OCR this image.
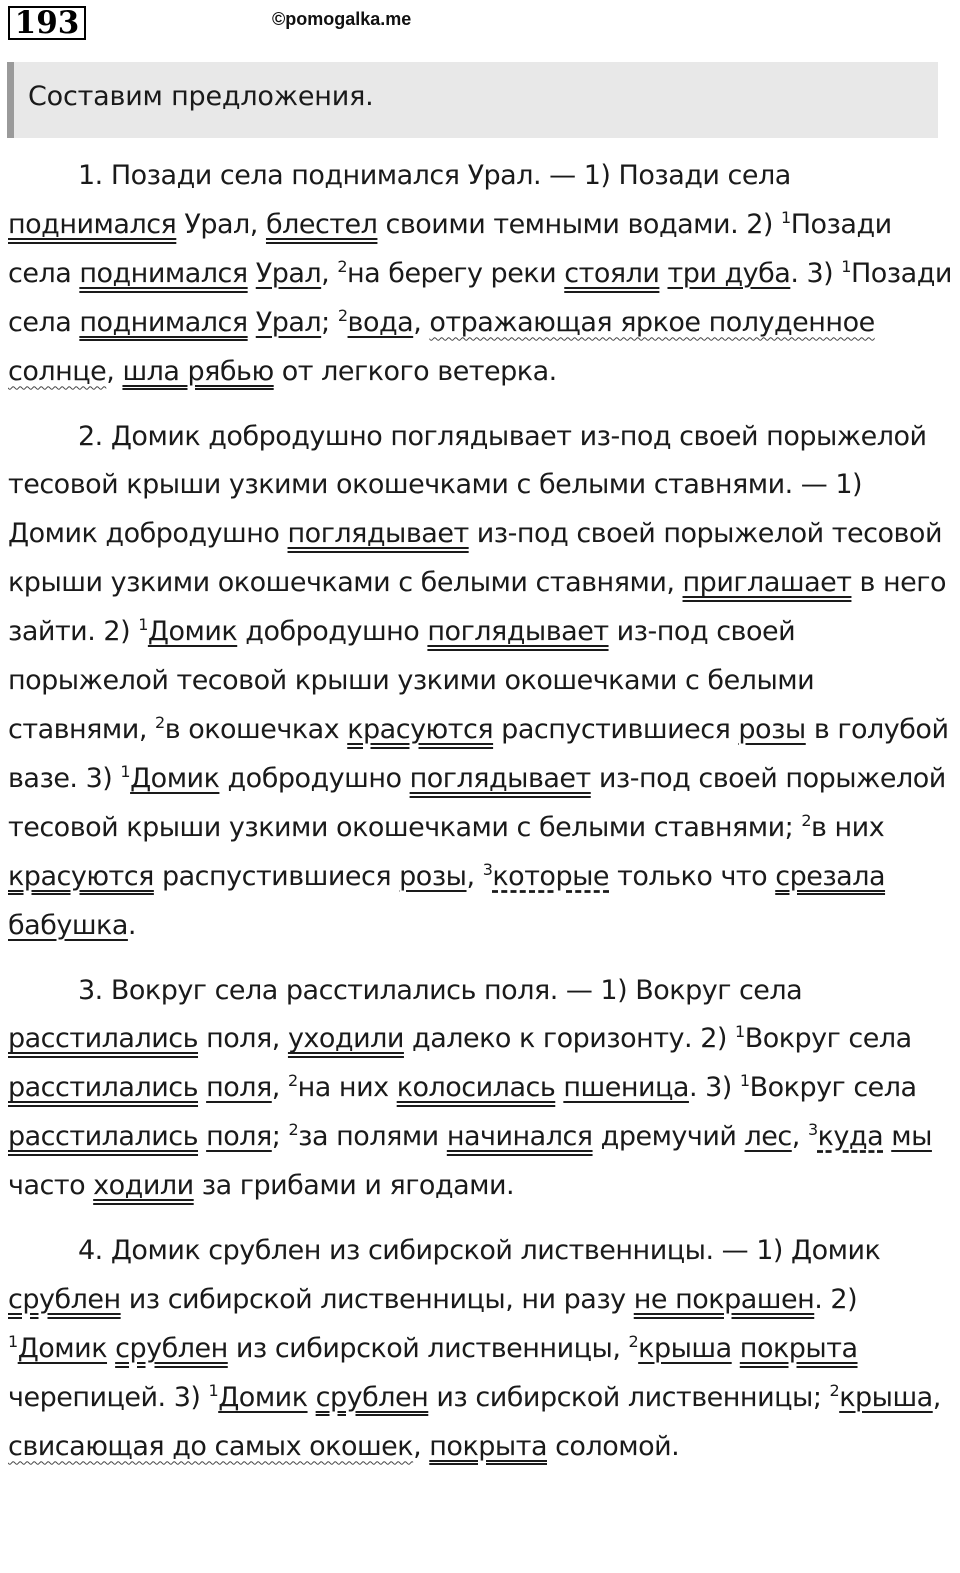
193	©pomogalka.me
Составим предложения.

1. Позади села поднимался Урал. — 1) Позади села поднимался Урал, блестел своими темными водами. 2) $^1$Позади села поднимался Урал, $^2$на берегу реки стояли три дуба. 3) $^1$Позади села поднимался Урал; $^2$вода, отражающая яркое полуденное солнце, шла рябью от легкого ветерка.

2. Домик добродушно поглядывает из-под своей порыжелой тесовой крыши узкими окошечками с белыми ставнями. — 1) Домик добродушно поглядывает из-под своей порыжелой тесовой крыши узкими окошечками с белыми ставнями, приглашает в него зайти. 2) $^1$Домик добродушно поглядывает из-под своей порыжелой тесовой крыши узкими окошечками с белыми ставнями, $^2$в окошечках красуются распустившиеся розы в голубой вазе. 3) $^1$Домик добродушно поглядывает из-под своей порыжелой тесовой крыши узкими окошечками с белыми ставнями; $^2$в них красуются распустившиеся розы, $^3$которые только что срезала бабушка.

3. Вокруг села расстилались поля. — 1) Вокруг села расстилались поля, уходили далеко к горизонту. 2) $^1$Вокруг села расстилались поля, $^2$на них колосилась пшеница. 3) $^1$Вокруг села расстилались поля; $^2$за полями начинался дремучий лес, $^3$куда мы часто ходили за грибами и ягодами.

4. Домик срублен из сибирской лиственницы. — 1) Домик срублен из сибирской лиственницы, ни разу не покрашен. 2) $^1$Домик срублен из сибирской лиственницы, $^2$крыша покрыта черепицей. 3) $^1$Домик срублен из сибирской лиственницы; $^2$крыша, свисающая до самых окошек, покрыта соломой.
